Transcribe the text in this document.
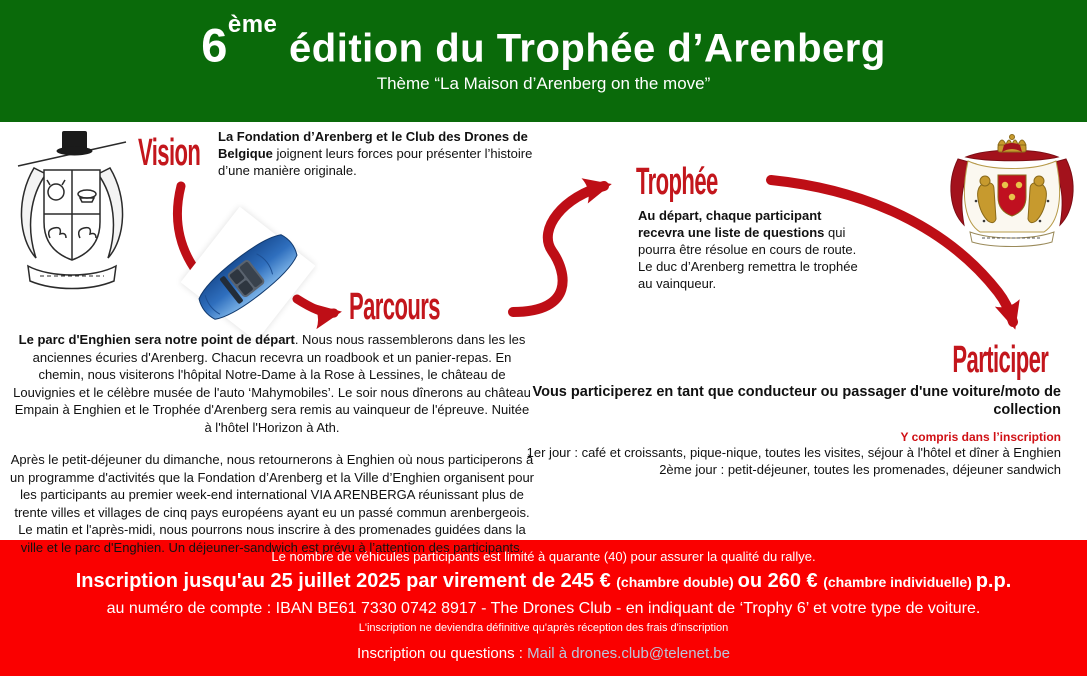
6ème édition du Trophée d’Arenberg
Thème “La Maison d’Arenberg on the move”
Vision	La Fondation d’Arenberg et le Club des Drones de Belgique joignent leurs forces pour présenter l’histoire d’une manière originale.

Parcours

Le parc d'Enghien sera notre point de départ. Nous nous rassemblerons dans les les anciennes écuries d'Arenberg. Chacun recevra un roadbook et un panier-repas. En chemin, nous visiterons l'hôpital Notre-Dame à la Rose à Lessines, le château de Louvignies et le célèbre musée de l'auto ‘Mahymobiles’. Le soir nous dînerons au château Empain à Enghien et le Trophée d'Arenberg sera remis au vainqueur de l'épreuve. Nuitée à l'hôtel l'Horizon à Ath.

Après le petit-déjeuner du dimanche, nous retournerons à Enghien où nous participerons à un programme d'activités que la Fondation d’Arenberg et la Ville d’Enghien organisent pour les participants au premier week-end international VIA ARENBERGA réunissant plus de trente villes et villages de cinq pays européens ayant eu un passé commun arenbergeois. Le matin et l'après-midi, nous pourrons nous inscrire à des promenades guidées dans la ville et le parc d'Enghien. Un déjeuner-sandwich est prévu à l’attention des participants.

Trophée

Au départ, chaque participant recevra une liste de questions qui pourra être résolue en cours de route. Le duc d’Arenberg remettra le trophée au vainqueur.

Participer
Vous participerez en tant que conducteur ou passager d'une voiture/moto de collection
Y compris dans l’inscription
1er jour : café et croissants, pique-nique, toutes les visites, séjour à l'hôtel et dîner à Enghien
2ème jour : petit-déjeuner, toutes les promenades, déjeuner sandwich
Le nombre de véhicules participants est limité à quarante (40) pour assurer la qualité du rallye.
Inscription jusqu'au 25 juillet 2025 par virement de 245 € (chambre double) ou 260 € (chambre individuelle) p.p.
au numéro de compte : IBAN BE61 7330 0742 8917 - The Drones Club - en indiquant de ‘Trophy 6’ et votre type de voiture.
L'inscription ne deviendra définitive qu'après réception des frais d'inscription
Inscription ou questions : Mail à drones.club@telenet.be
